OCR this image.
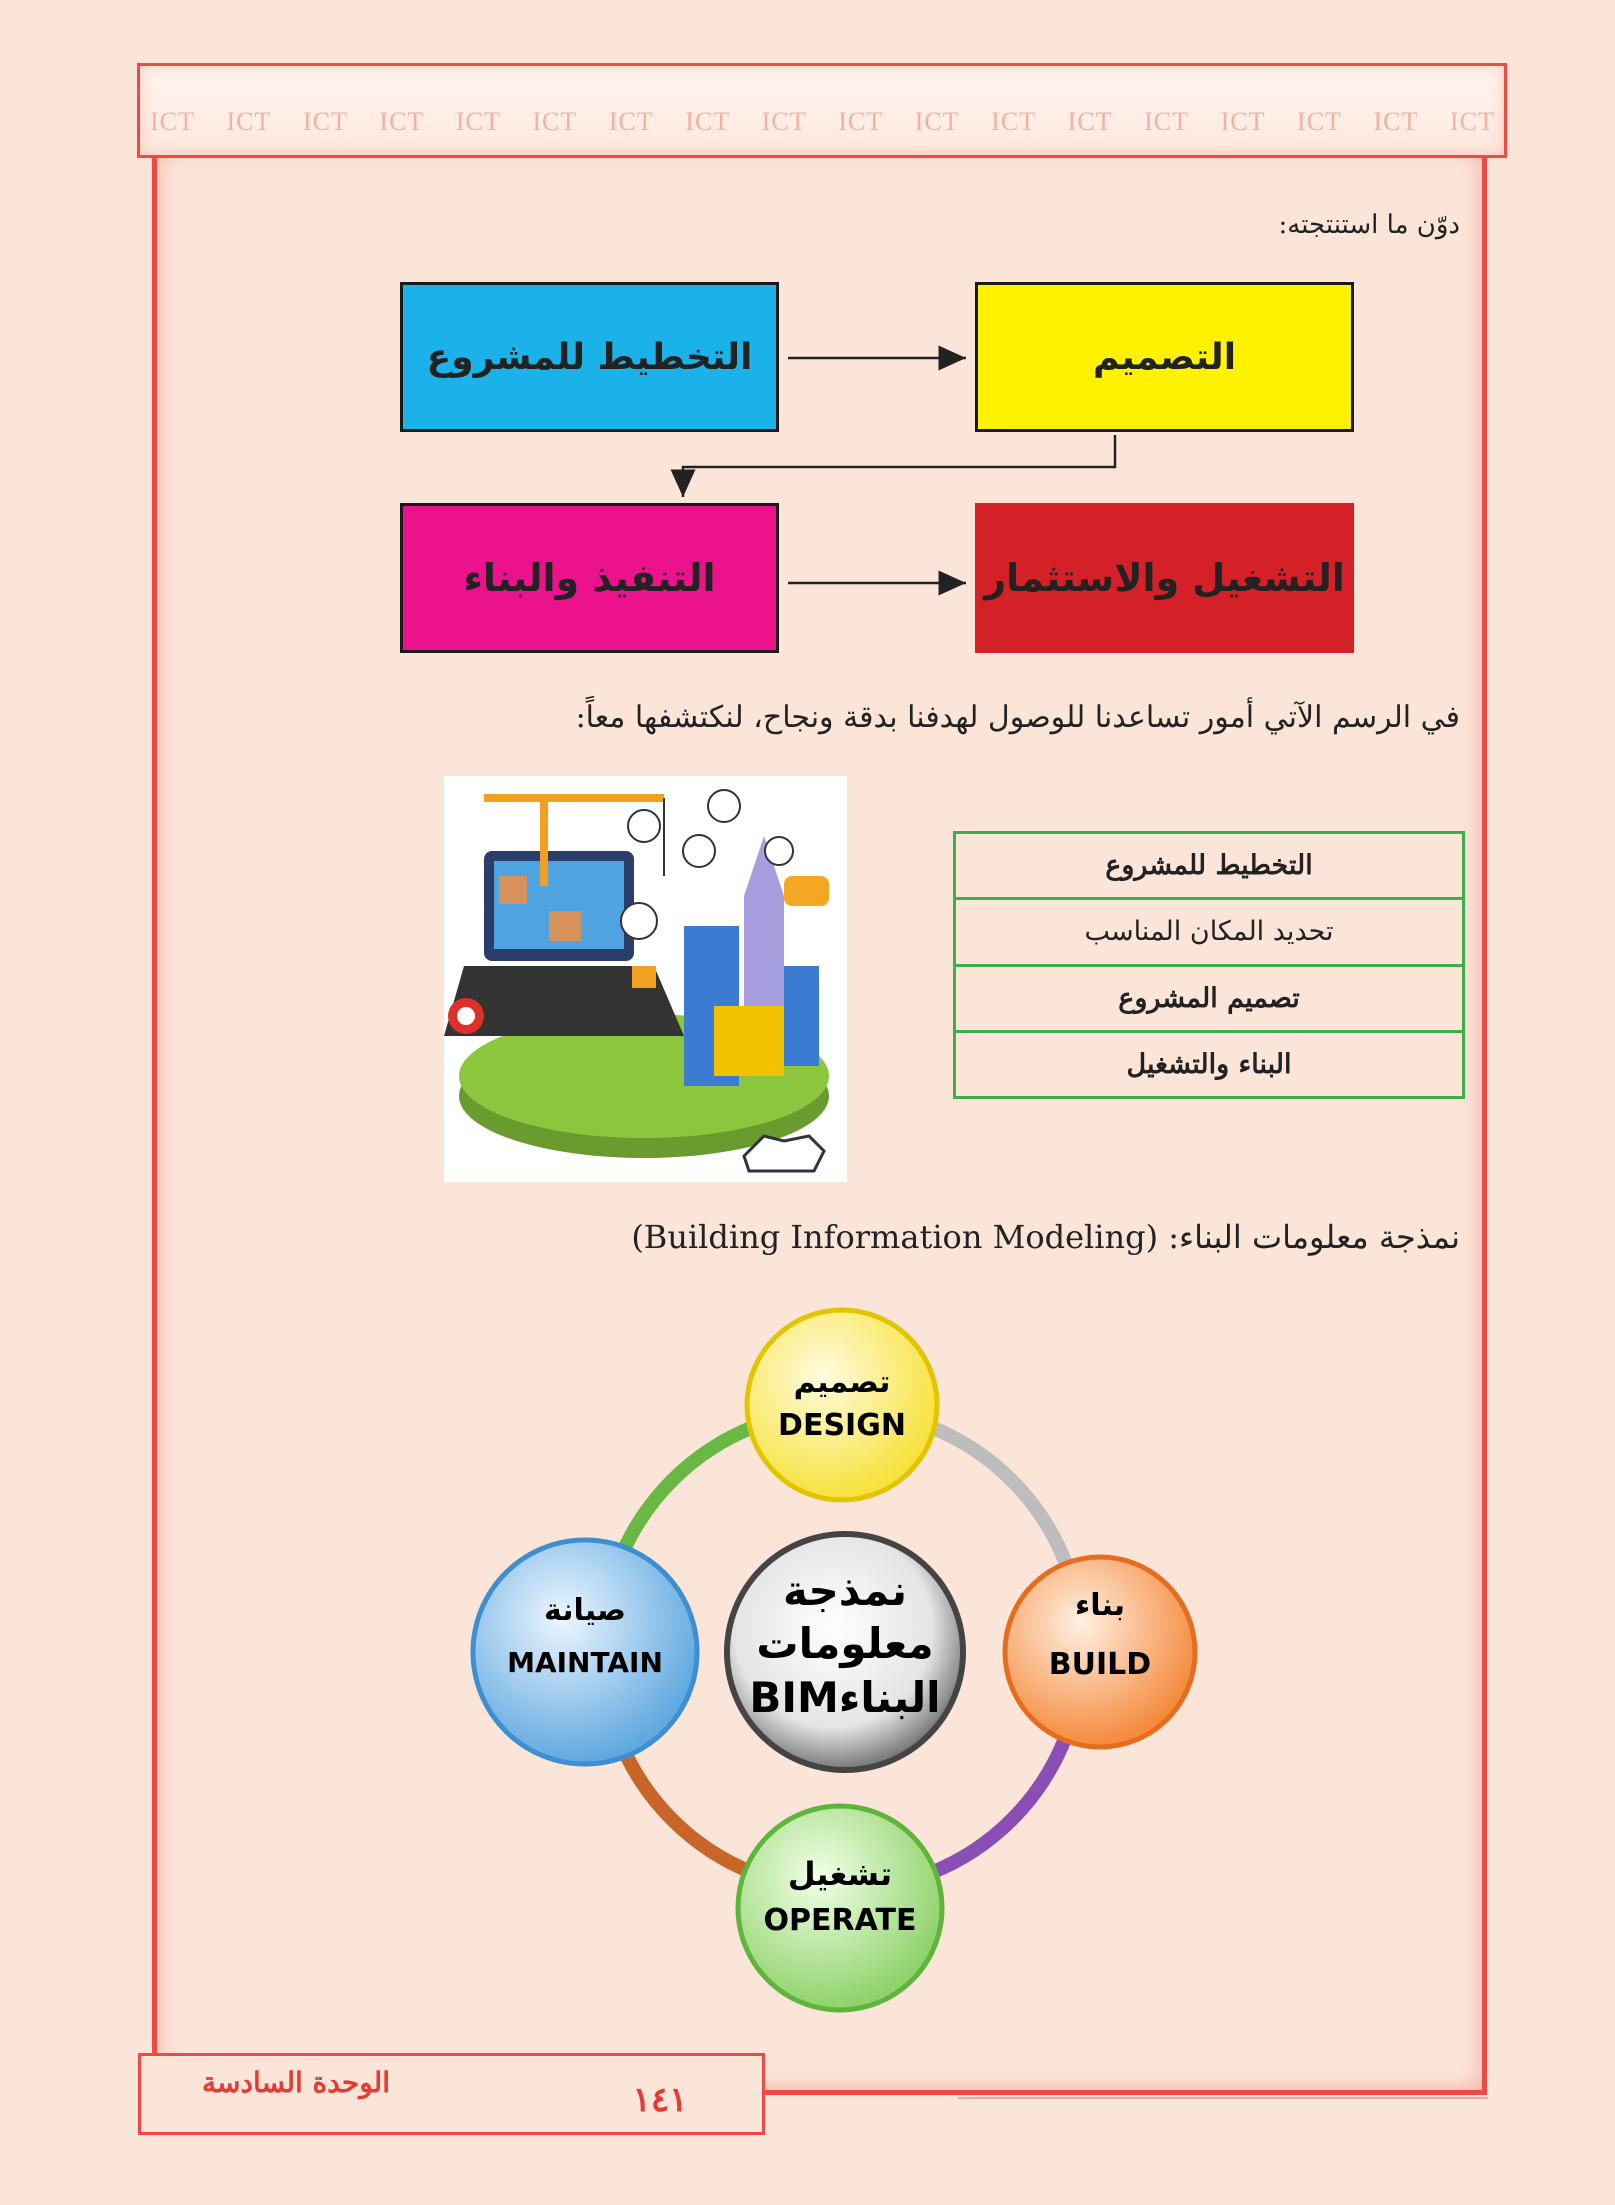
ICT ICT ICT ICT ICT ICT ICT ICT ICT ICT ICT ICT ICT ICT ICT ICT ICT ICT
دوّن ما استنتجته:
التخطيط للمشروع	التصميم
التنفيذ والبناء	التشغيل والاستثمار
في الرسم الآتي أمور تساعدنا للوصول لهدفنا بدقة ونجاح، لنكتشفها معاً:
التخطيط للمشروع
تحديد المكان المناسب
تصميم المشروع
البناء والتشغيل
نمذجة معلومات البناء: (Building Information Modeling)
نمذجة
معلومات
البناءBIM
تصميم
DESIGN
بناء
BUILD
تشغيل
OPERATE
صيانة
MAINTAIN
الوحدة السادسة	١٤١
